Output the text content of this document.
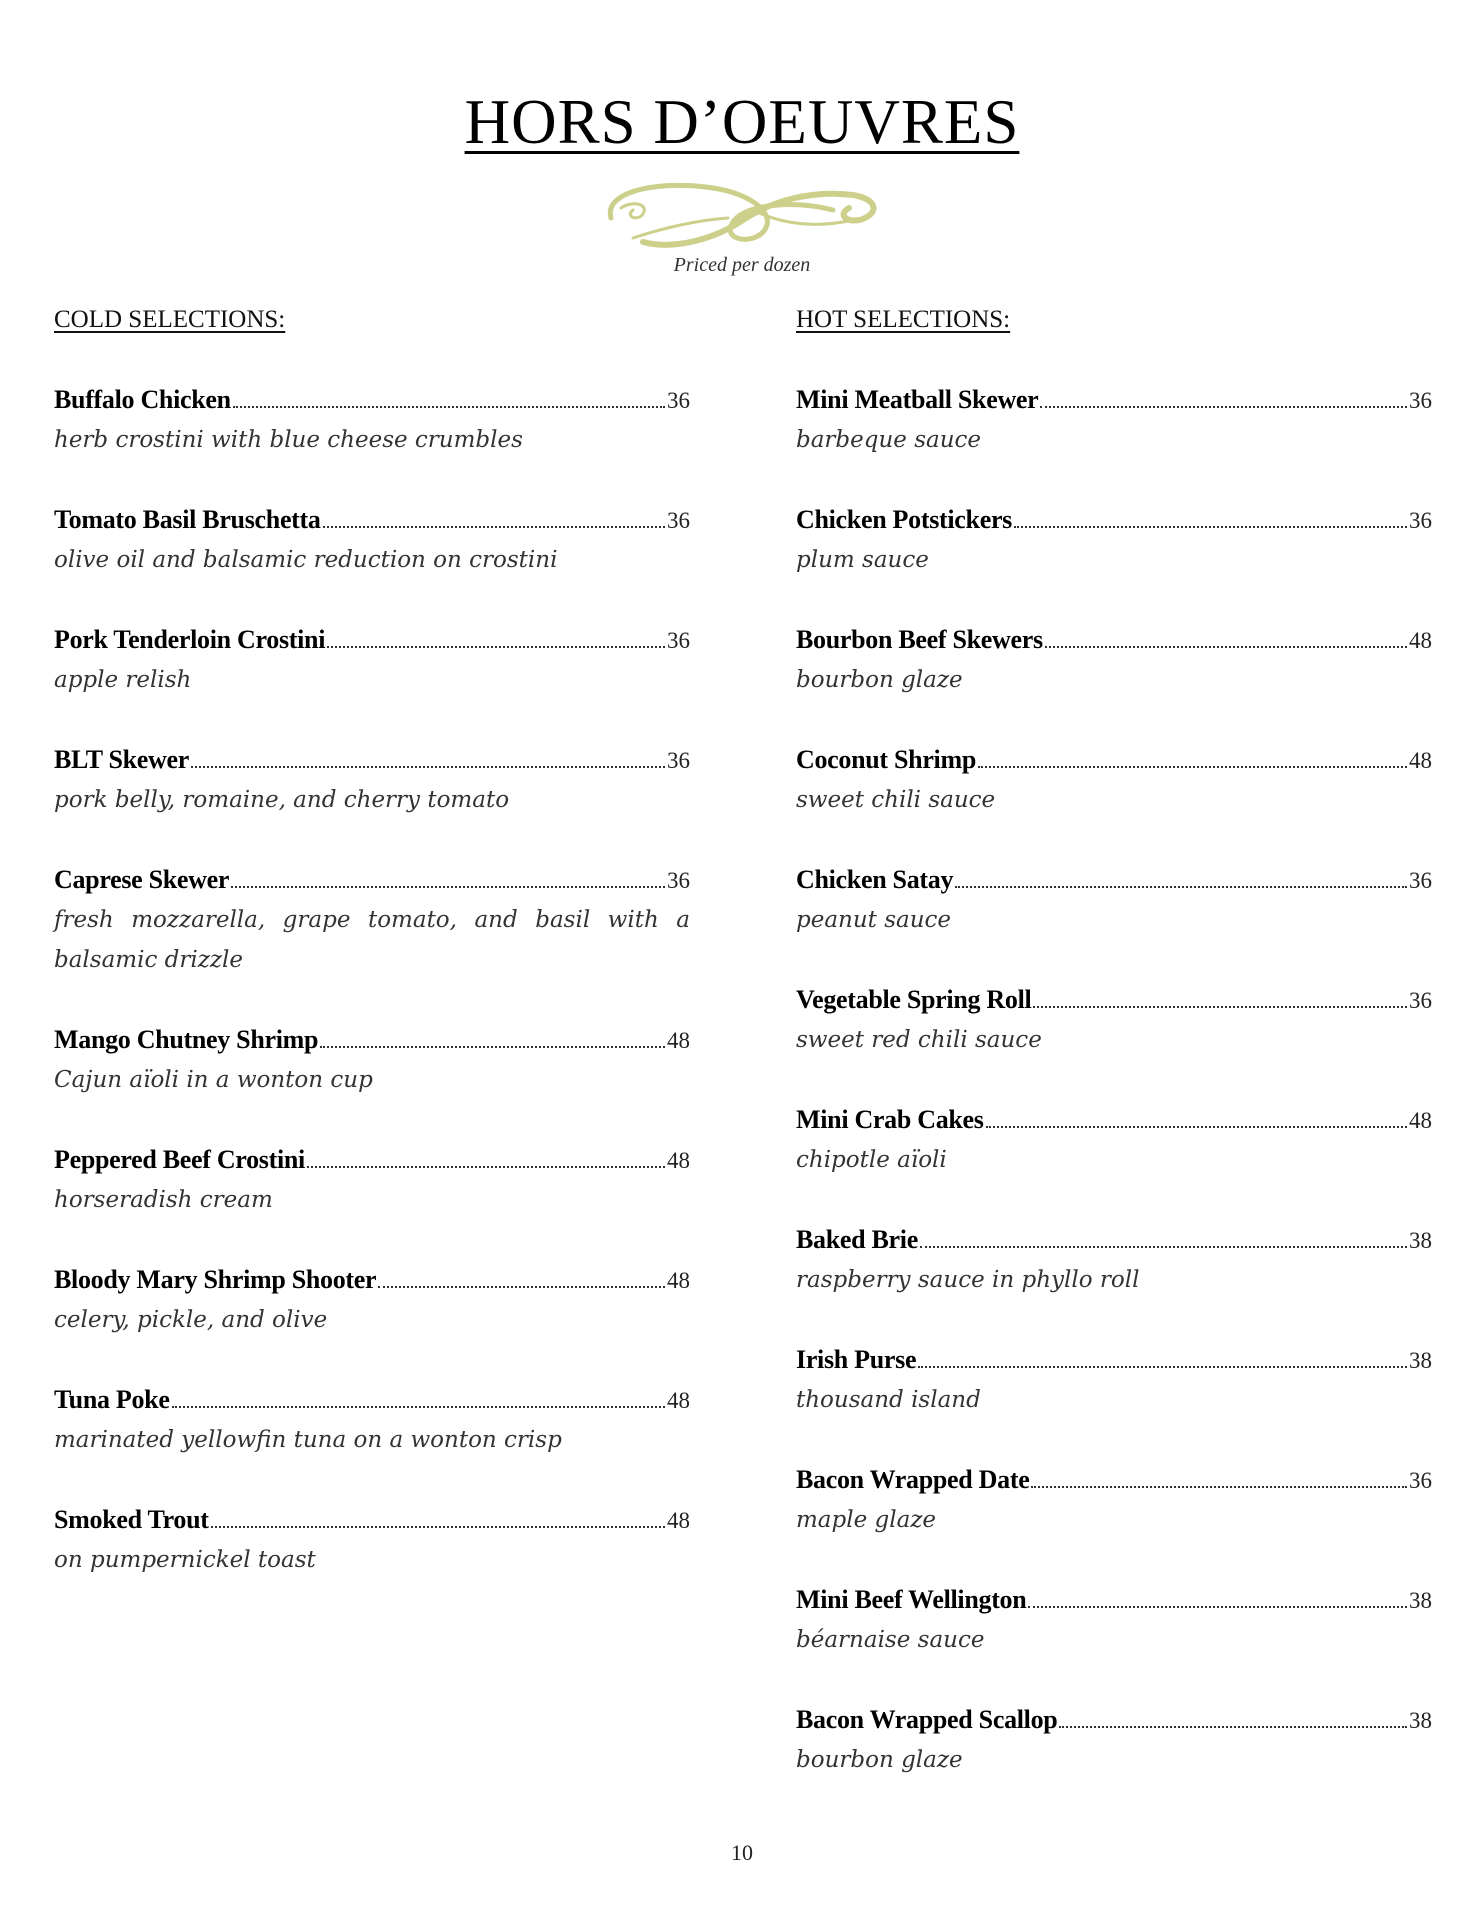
HORS D’OEUVRES
Priced per dozen
COLD SELECTIONS:
Buffalo Chicken	36
herb crostini with blue cheese crumbles
Tomato Basil Bruschetta	36
olive oil and balsamic reduction on crostini
Pork Tenderloin Crostini	36
apple relish
BLT Skewer	36
pork belly, romaine, and cherry tomato
Caprese Skewer	36
fresh mozzarella, grape tomato, and basil with a balsamic drizzle
Mango Chutney Shrimp	48
Cajun aïoli in a wonton cup
Peppered Beef Crostini	48
horseradish cream
Bloody Mary Shrimp Shooter	48
celery, pickle, and olive
Tuna Poke	48
marinated yellowfin tuna on a wonton crisp
Smoked Trout	48
on pumpernickel toast
HOT SELECTIONS:
Mini Meatball Skewer	36
barbeque sauce
Chicken Potstickers	36
plum sauce
Bourbon Beef Skewers	48
bourbon glaze
Coconut Shrimp	48
sweet chili sauce
Chicken Satay	36
peanut sauce
Vegetable Spring Roll	36
sweet red chili sauce
Mini Crab Cakes	48
chipotle aïoli
Baked Brie	38
raspberry sauce in phyllo roll
Irish Purse	38
thousand island
Bacon Wrapped Date	36
maple glaze
Mini Beef Wellington	38
béarnaise sauce
Bacon Wrapped Scallop	38
bourbon glaze
10
